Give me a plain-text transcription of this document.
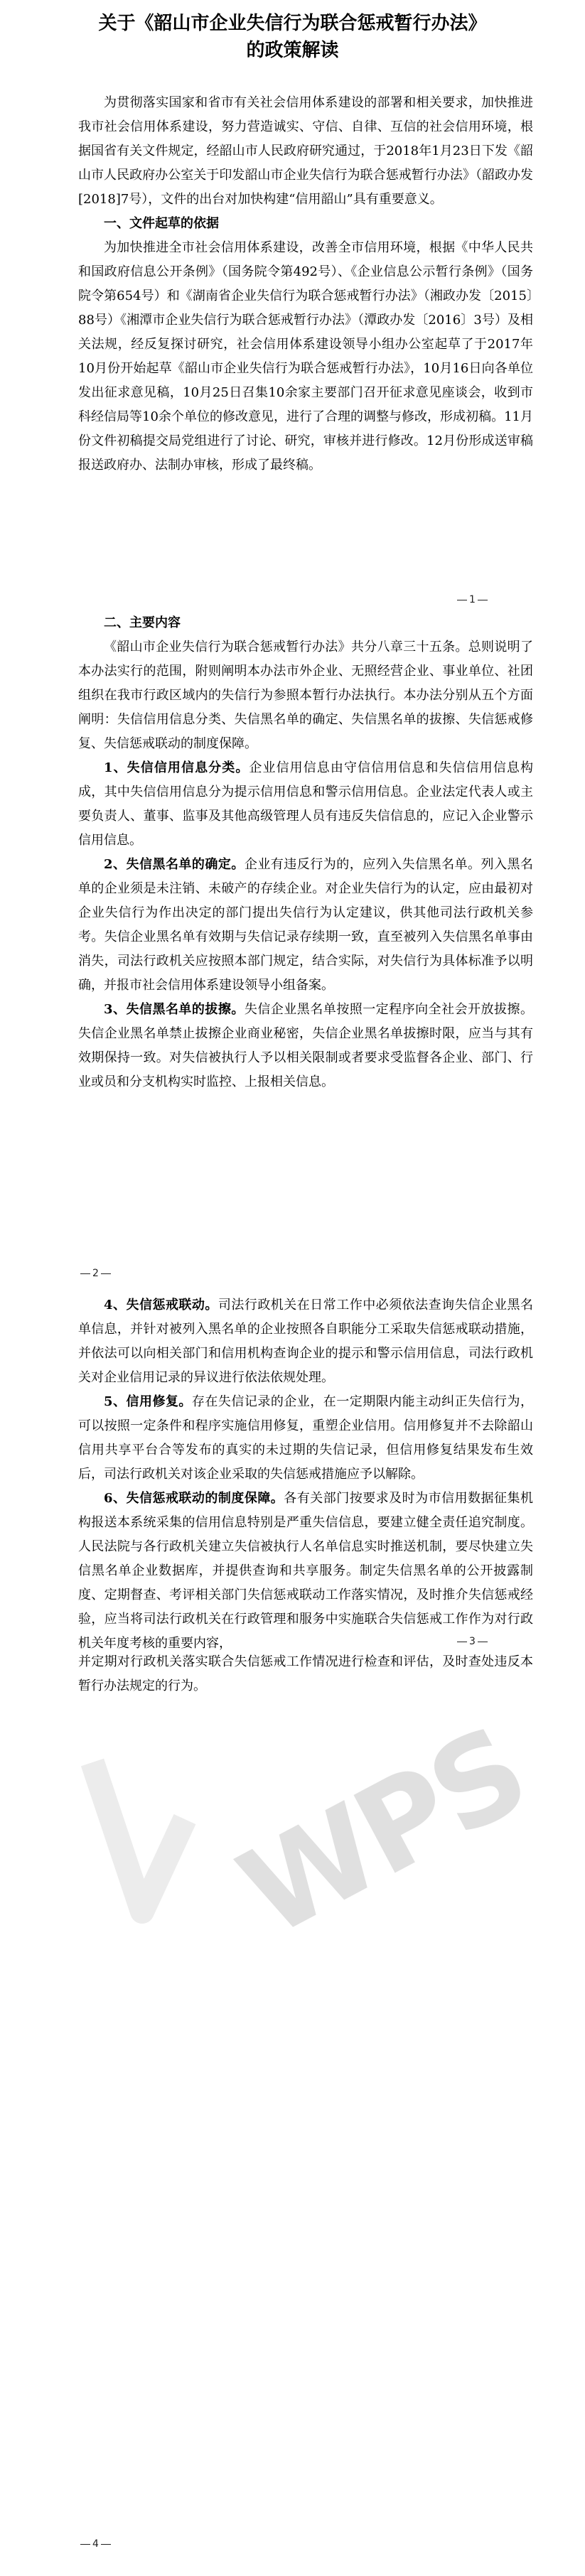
关于《韶山市企业失信行为联合惩戒暂行办法》
的政策解读

为贯彻落实国家和省市有关社会信用体系建设的部署和相关要求，加快推进我市社会信用体系建设，努力营造诚实、守信、自律、互信的社会信用环境，根据国省有关文件规定，经韶山市人民政府研究通过，于2018年1月23日下发《韶山市人民政府办公室关于印发韶山市企业失信行为联合惩戒暂行办法》（韶政办发[2018]7号），文件的出台对加快构建“信用韶山”具有重要意义。

一、文件起草的依据

为加快推进全市社会信用体系建设，改善全市信用环境，根据《中华人民共和国政府信息公开条例》（国务院令第492号）、《企业信息公示暂行条例》（国务院令第654号）和《湖南省企业失信行为联合惩戒暂行办法》（湘政办发〔2015〕88号）《湘潭市企业失信行为联合惩戒暂行办法》（潭政办发〔2016〕3号）及相关法规，经反复探讨研究，社会信用体系建设领导小组办公室起草了于2017年10月份开始起草《韶山市企业失信行为联合惩戒暂行办法》，10月16日向各单位发出征求意见稿，10月25日召集10余家主要部门召开征求意见座谈会，收到市科经信局等10余个单位的修改意见，进行了合理的调整与修改，形成初稿。11月份文件初稿提交局党组进行了讨论、研究，审核并进行修改。12月份形成送审稿报送政府办、法制办审核，形成了最终稿。

1

二、主要内容

《韶山市企业失信行为联合惩戒暂行办法》共分八章三十五条。总则说明了本办法实行的范围，附则阐明本办法市外企业、无照经营企业、事业单位、社团组织在我市行政区域内的失信行为参照本暂行办法执行。本办法分别从五个方面阐明：失信信用信息分类、失信黑名单的确定、失信黑名单的拔擦、失信惩戒修复、失信惩戒联动的制度保障。

1、失信信用信息分类。企业信用信息由守信信用信息和失信信用信息构成，其中失信信用信息分为提示信用信息和警示信用信息。企业法定代表人或主要负责人、董事、监事及其他高级管理人员有违反失信信息的，应记入企业警示信用信息。

2、失信黑名单的确定。企业有违反行为的，应列入失信黑名单。列入黑名单的企业须是未注销、未破产的存续企业。对企业失信行为的认定，应由最初对企业失信行为作出决定的部门提出失信行为认定建议，供其他司法行政机关参考。失信企业黑名单有效期与失信记录存续期一致，直至被列入失信黑名单事由消失，司法行政机关应按照本部门规定，结合实际，对失信行为具体标准予以明确，并报市社会信用体系建设领导小组备案。

3、失信黑名单的拔擦。失信企业黑名单按照一定程序向全社会开放拔擦。失信企业黑名单禁止拔擦企业商业秘密，失信企业黑名单拔擦时限，应当与其有效期保持一致。对失信被执行人予以相关限制或者要求受监督各企业、部门、行业或员和分支机构实时监控、上报相关信息。

2

4、失信惩戒联动。司法行政机关在日常工作中必须依法查询失信企业黑名单信息，并针对被列入黑名单的企业按照各自职能分工采取失信惩戒联动措施，并依法可以向相关部门和信用机构查询企业的提示和警示信用信息，司法行政机关对企业信用记录的异议进行依法依规处理。

5、信用修复。存在失信记录的企业，在一定期限内能主动纠正失信行为，可以按照一定条件和程序实施信用修复，重塑企业信用。信用修复并不去除韶山信用共享平台合等发布的真实的未过期的失信记录，但信用修复结果发布生效后，司法行政机关对该企业采取的失信惩戒措施应予以解除。

6、失信惩戒联动的制度保障。各有关部门按要求及时为市信用数据征集机构报送本系统采集的信用信息特别是严重失信信息，要建立健全责任追究制度。人民法院与各行政机关建立失信被执行人名单信息实时推送机制，要尽快建立失信黑名单企业数据库，并提供查询和共享服务。制定失信黑名单的公开披露制度、定期督查、考评相关部门失信惩戒联动工作落实情况，及时推介失信惩戒经验，应当将司法行政机关在行政管理和服务中实施联合失信惩戒工作作为对行政机关年度考核的重要内容，	3

并定期对行政机关落实联合失信惩戒工作情况进行检查和评估，及时查处违反本暂行办法规定的行为。

WPS
4
